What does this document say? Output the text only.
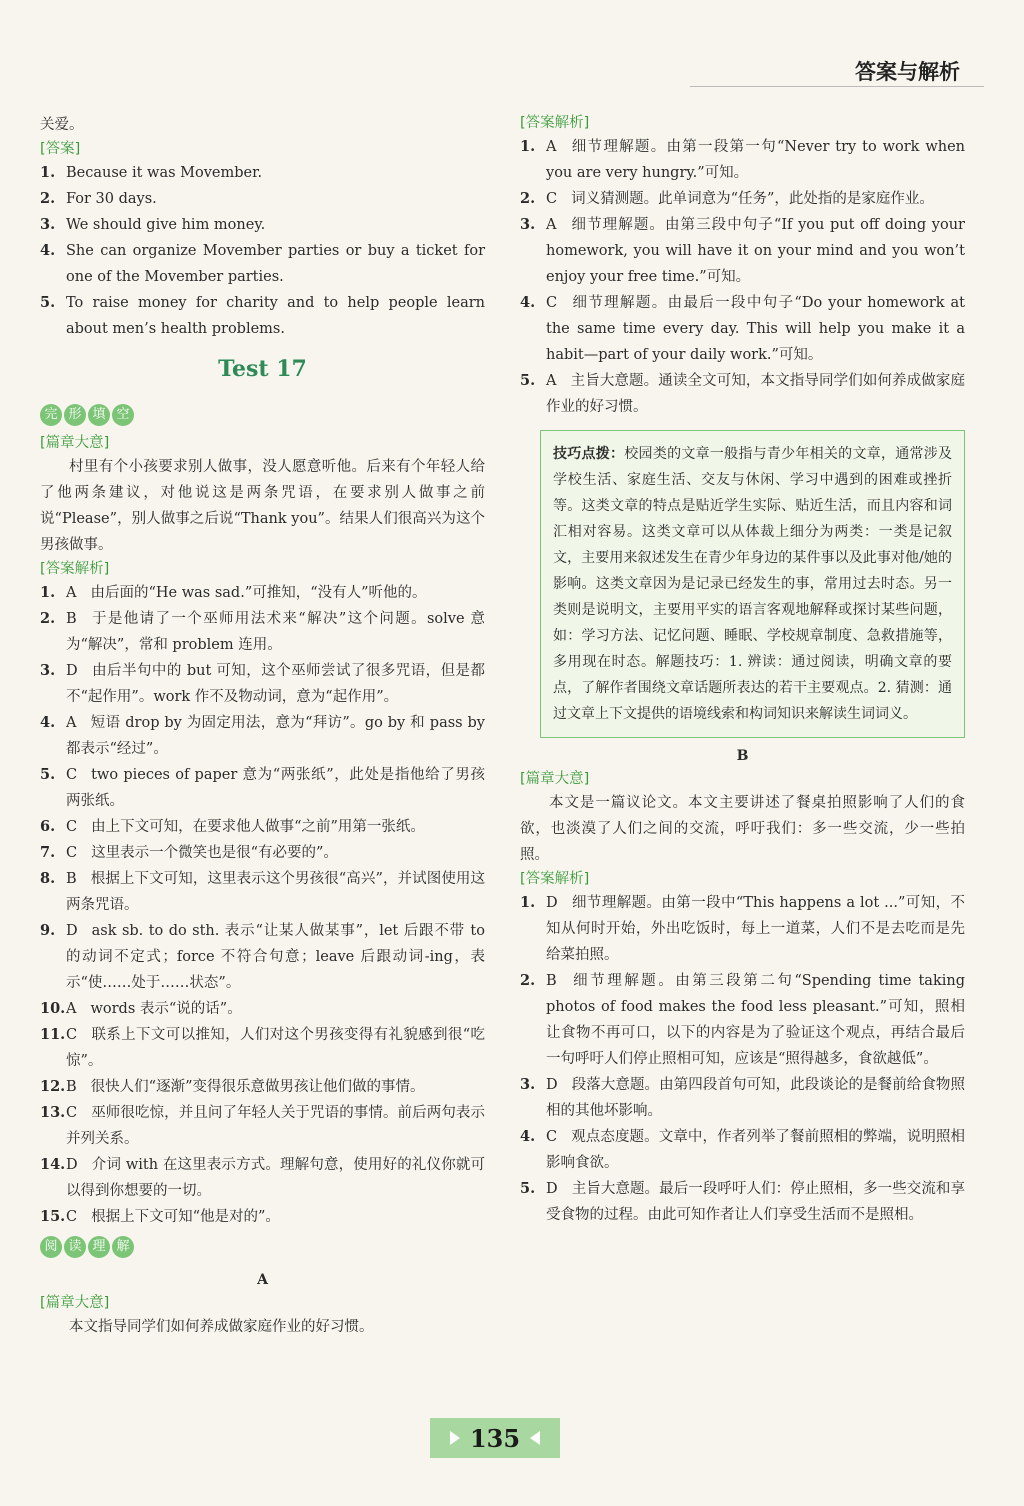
答案与解析

关爱。

[ 答案 ]
1. Because it was Movember.
2. For 30 days.
3. We should give him money.
4. She can organize Movember parties or buy a ticket for one of the Movember parties.
5. To raise money for charity and to help people learn about men’s health problems.
Test 17
完 形 填 空
[ 篇章大意 ]
村里有个小孩要求别人做事，没人愿意听他。后来有个年轻人给了他两条建议，对他说这是两条咒语，在要求别人做事之前说“Please”，别人做事之后说“Thank you”。结果人们很高兴为这个男孩做事。
[ 答案解析 ]
1. A 由后面的“He was sad.”可推知，“没有人”听他的。
2. B 于是他请了一个巫师用法术来“解决”这个问题。solve 意为“解决”，常和 problem 连用。
3. D 由后半句中的 but 可知，这个巫师尝试了很多咒语，但是都不“起作用”。work 作不及物动词，意为“起作用”。
4. A 短语 drop by 为固定用法，意为“拜访”。go by 和 pass by 都表示“经过”。
5. C two pieces of paper 意为“两张纸”，此处是指他给了男孩两张纸。
6. C 由上下文可知，在要求他人做事“之前”用第一张纸。
7. C 这里表示一个微笑也是很“有必要的”。
8. B 根据上下文可知，这里表示这个男孩很“高兴”，并试图使用这两条咒语。
9. D ask sb. to do sth. 表示“让某人做某事”，let 后跟不带 to 的动词不定式；force 不符合句意；leave 后跟动词-ing，表示“使……处于……状态”。
10. A words 表示“说的话”。
11. C 联系上下文可以推知，人们对这个男孩变得有礼貌感到很“吃惊”。
12. B 很快人们“逐渐”变得很乐意做男孩让他们做的事情。
13. C 巫师很吃惊，并且问了年轻人关于咒语的事情。前后两句表示并列关系。
14. D 介词 with 在这里表示方式。理解句意，使用好的礼仪你就可以得到你想要的一切。
15. C 根据上下文可知“他是对的”。
阅 读 理 解
A
[ 篇章大意 ]
本文指导同学们如何养成做家庭作业的好习惯。
[ 答案解析 ]
1. A 细节理解题。由第一段第一句“Never try to work when you are very hungry.”可知。
2. C 词义猜测题。此单词意为“任务”，此处指的是家庭作业。
3. A 细节理解题。由第三段中句子“If you put off doing your homework, you will have it on your mind and you won’t enjoy your free time.”可知。
4. C 细节理解题。由最后一段中句子“Do your homework at the same time every day. This will help you make it a habit—part of your daily work.”可知。
5. A 主旨大意题。通读全文可知，本文指导同学们如何养成做家庭作业的好习惯。
技巧点拨：校园类的文章一般指与青少年相关的文章，通常涉及学校生活、家庭生活、交友与休闲、学习中遇到的困难或挫折等。这类文章的特点是贴近学生实际、贴近生活，而且内容和词汇相对容易。这类文章可以从体裁上细分为两类：一类是记叙文，主要用来叙述发生在青少年身边的某件事以及此事对他/她的影响。这类文章因为是记录已经发生的事，常用过去时态。另一类则是说明文，主要用平实的语言客观地解释或探讨某些问题，如：学习方法、记忆问题、睡眠、学校规章制度、急救措施等，多用现在时态。解题技巧：1. 辨读：通过阅读，明确文章的要点，了解作者围绕文章话题所表达的若干主要观点。2. 猜测：通过文章上下文提供的语境线索和构词知识来解读生词词义。
B
[ 篇章大意 ]
本文是一篇议论文。本文主要讲述了餐桌拍照影响了人们的食欲，也淡漠了人们之间的交流，呼吁我们：多一些交流，少一些拍照。
[ 答案解析 ]
1. D 细节理解题。由第一段中“This happens a lot ...”可知，不知从何时开始，外出吃饭时，每上一道菜，人们不是去吃而是先给菜拍照。
2. B 细节理解题。由第三段第二句“Spending time taking photos of food makes the food less pleasant.”可知，照相让食物不再可口，以下的内容是为了验证这个观点，再结合最后一句呼吁人们停止照相可知，应该是“照得越多，食欲越低”。
3. D 段落大意题。由第四段首句可知，此段谈论的是餐前给食物照相的其他坏影响。
4. C 观点态度题。文章中，作者列举了餐前照相的弊端，说明照相影响食欲。
5. D 主旨大意题。最后一段呼吁人们：停止照相，多一些交流和享受食物的过程。由此可知作者让人们享受生活而不是照相。
135
